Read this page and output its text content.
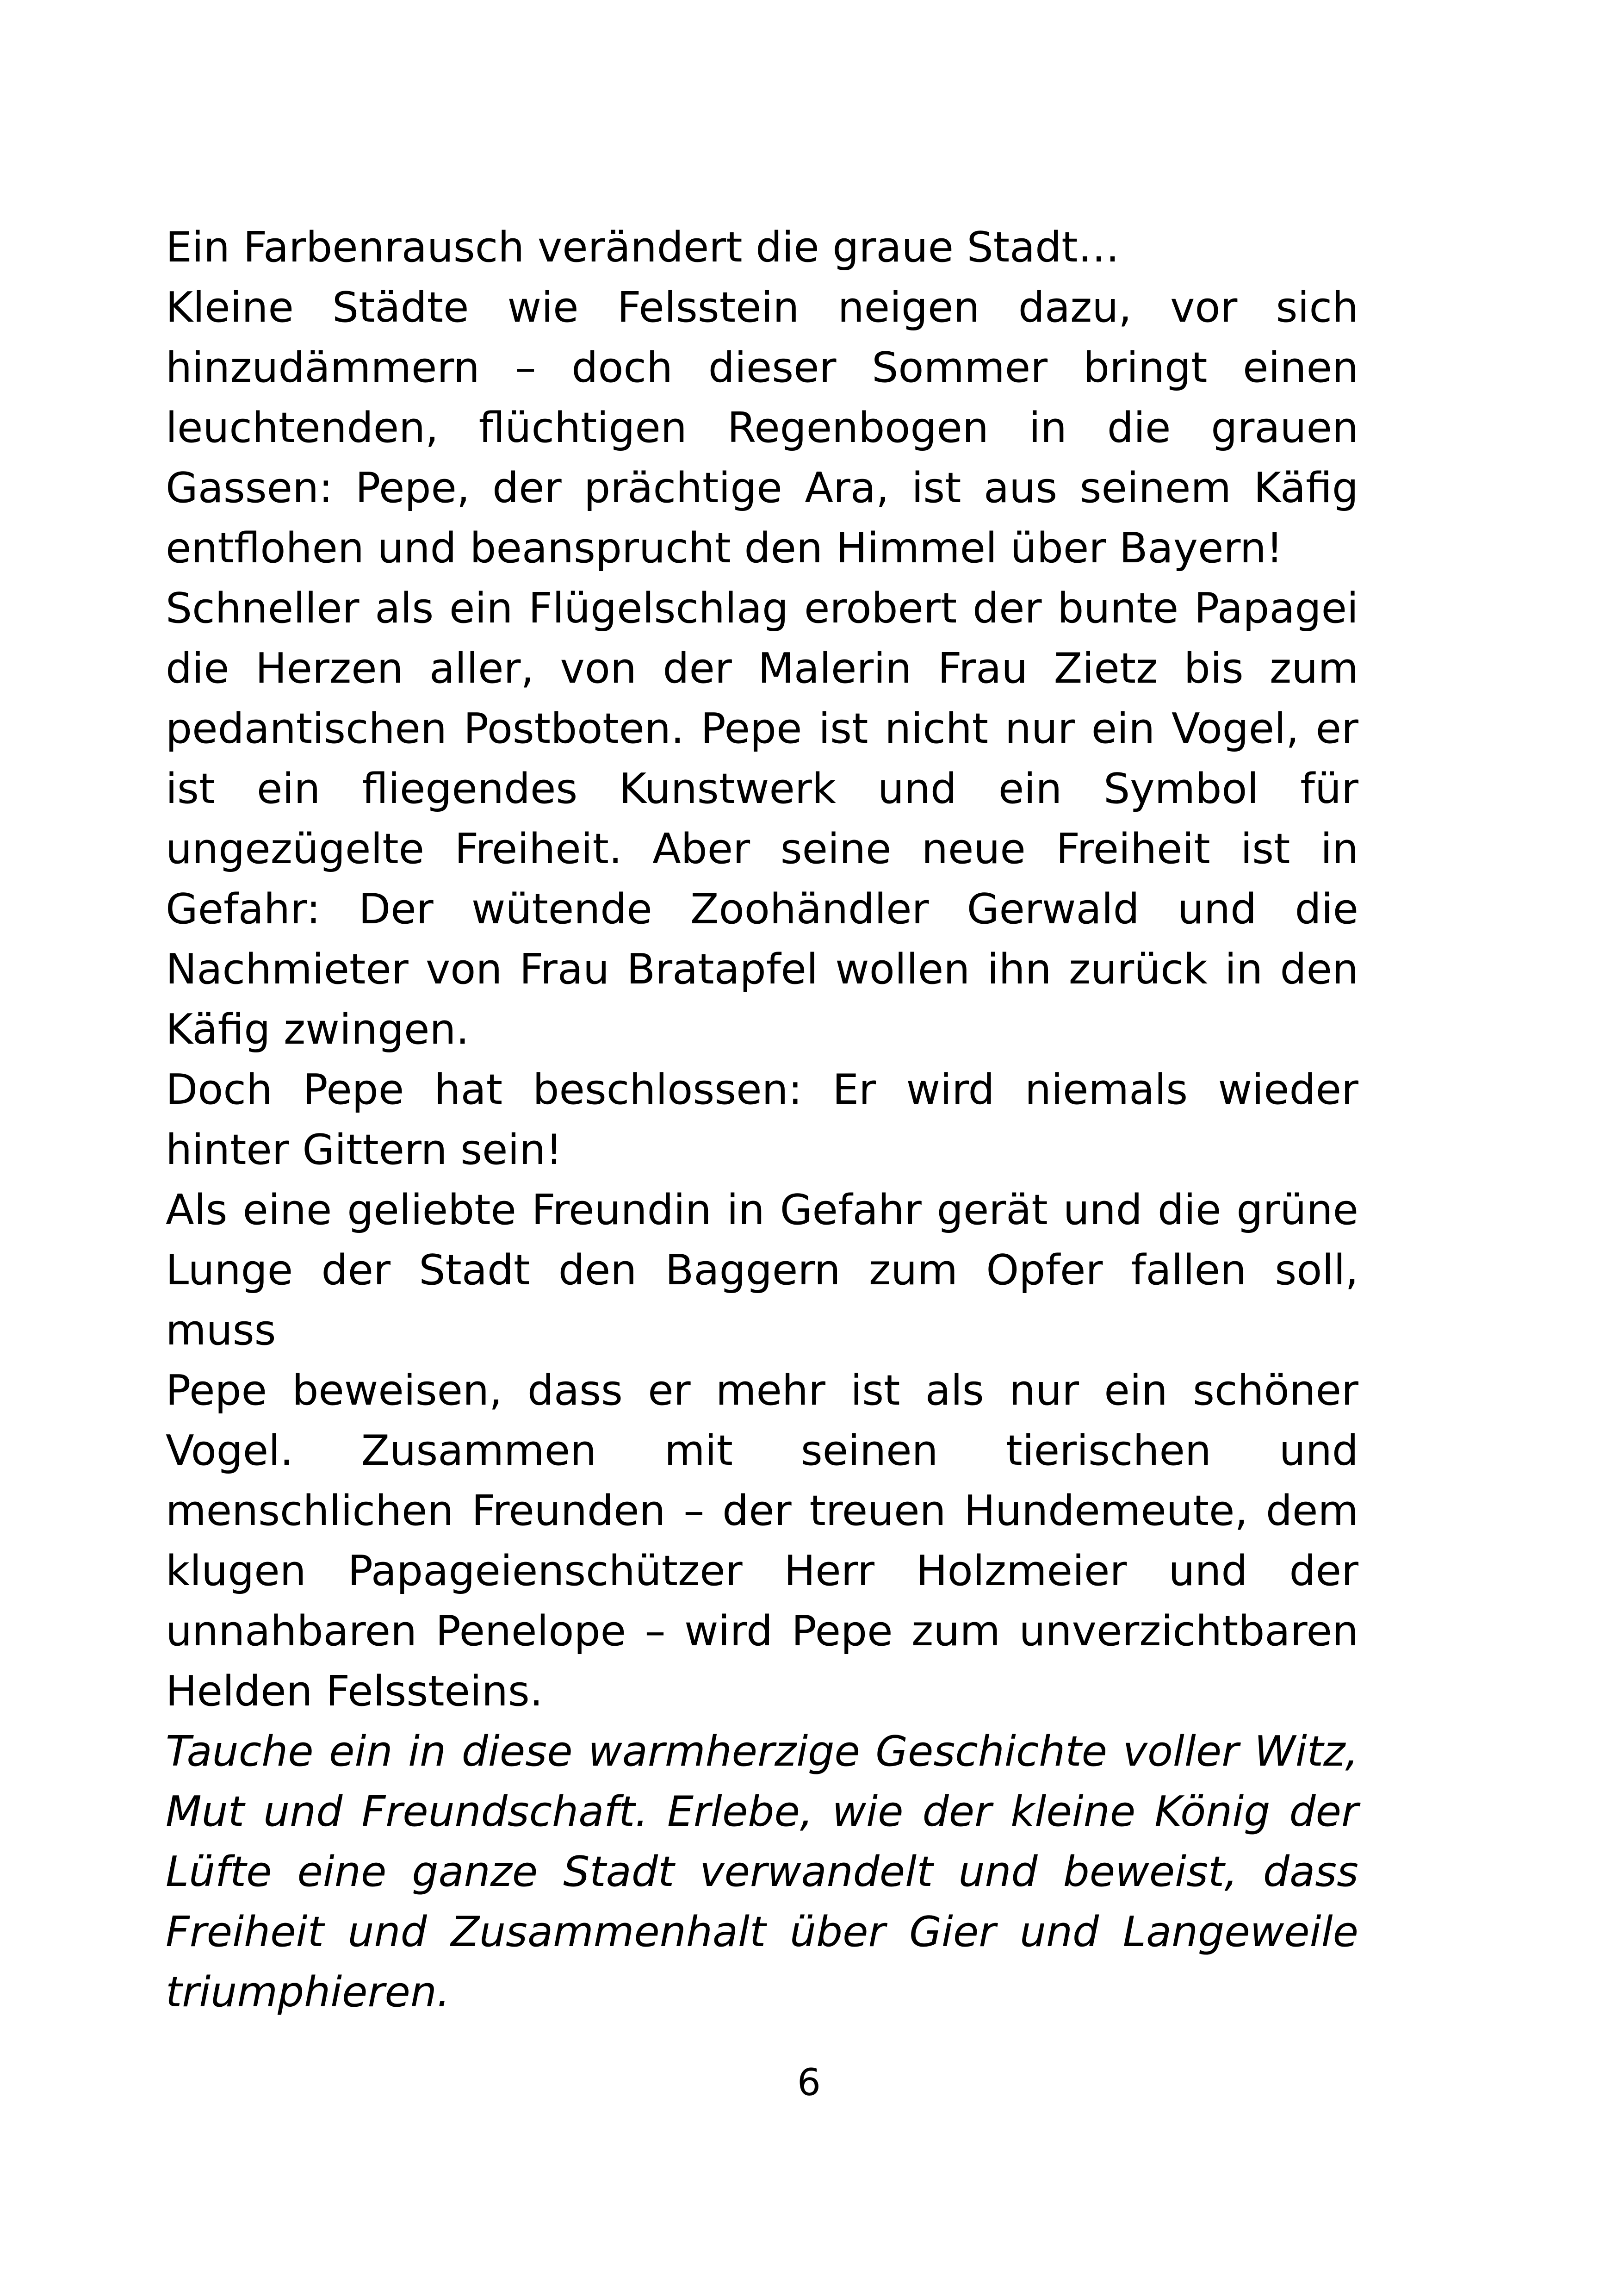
Ein Farbenrausch verändert die graue Stadt…

Kleine Städte wie Felsstein neigen dazu, vor sich

hinzudämmern – doch dieser Sommer bringt einen

leuchtenden, flüchtigen Regenbogen in die grauen

Gassen: Pepe, der prächtige Ara, ist aus seinem Käfig

entflohen und beansprucht den Himmel über Bayern!

Schneller als ein Flügelschlag erobert der bunte Papagei

die Herzen aller, von der Malerin Frau Zietz bis zum

pedantischen Postboten. Pepe ist nicht nur ein Vogel, er

ist ein fliegendes Kunstwerk und ein Symbol für

ungezügelte Freiheit. Aber seine neue Freiheit ist in

Gefahr: Der wütende Zoohändler Gerwald und die

Nachmieter von Frau Bratapfel wollen ihn zurück in den

Käfig zwingen.

Doch Pepe hat beschlossen: Er wird niemals wieder

hinter Gittern sein!

Als eine geliebte Freundin in Gefahr gerät und die grüne

Lunge der Stadt den Baggern zum Opfer fallen soll, muss

Pepe beweisen, dass er mehr ist als nur ein schöner

Vogel. Zusammen mit seinen tierischen und

menschlichen Freunden – der treuen Hundemeute, dem

klugen Papageienschützer Herr Holzmeier und der

unnahbaren Penelope – wird Pepe zum unverzichtbaren

Helden Felssteins.

Tauche ein in diese warmherzige Geschichte voller Witz,

Mut und Freundschaft. Erlebe, wie der kleine König der

Lüfte eine ganze Stadt verwandelt und beweist, dass

Freiheit und Zusammenhalt über Gier und Langeweile

triumphieren.

6
